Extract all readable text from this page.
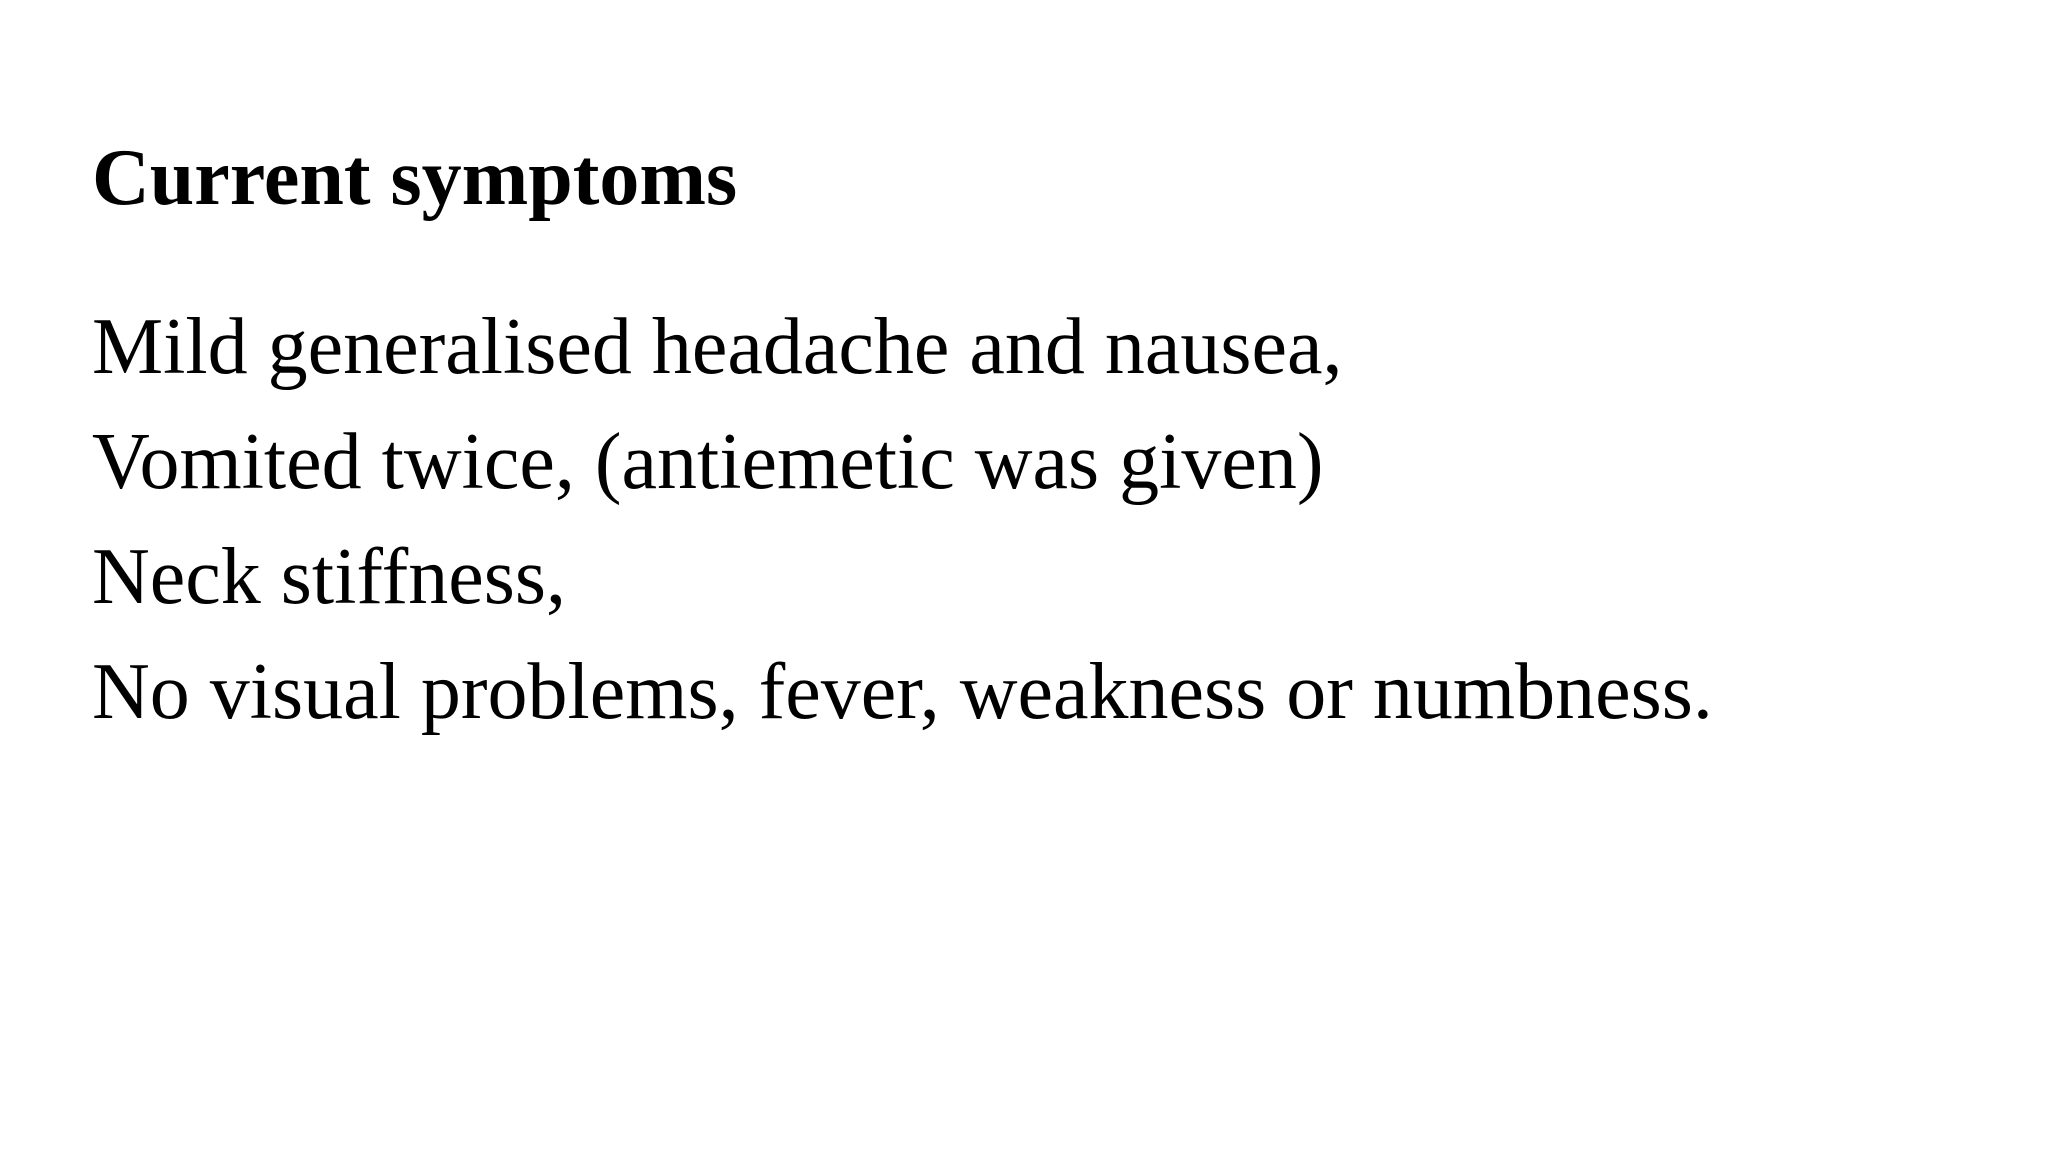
Current symptoms
Mild generalised headache and nausea,
Vomited twice, (antiemetic was given)
Neck stiffness,
No visual problems, fever, weakness or numbness.
